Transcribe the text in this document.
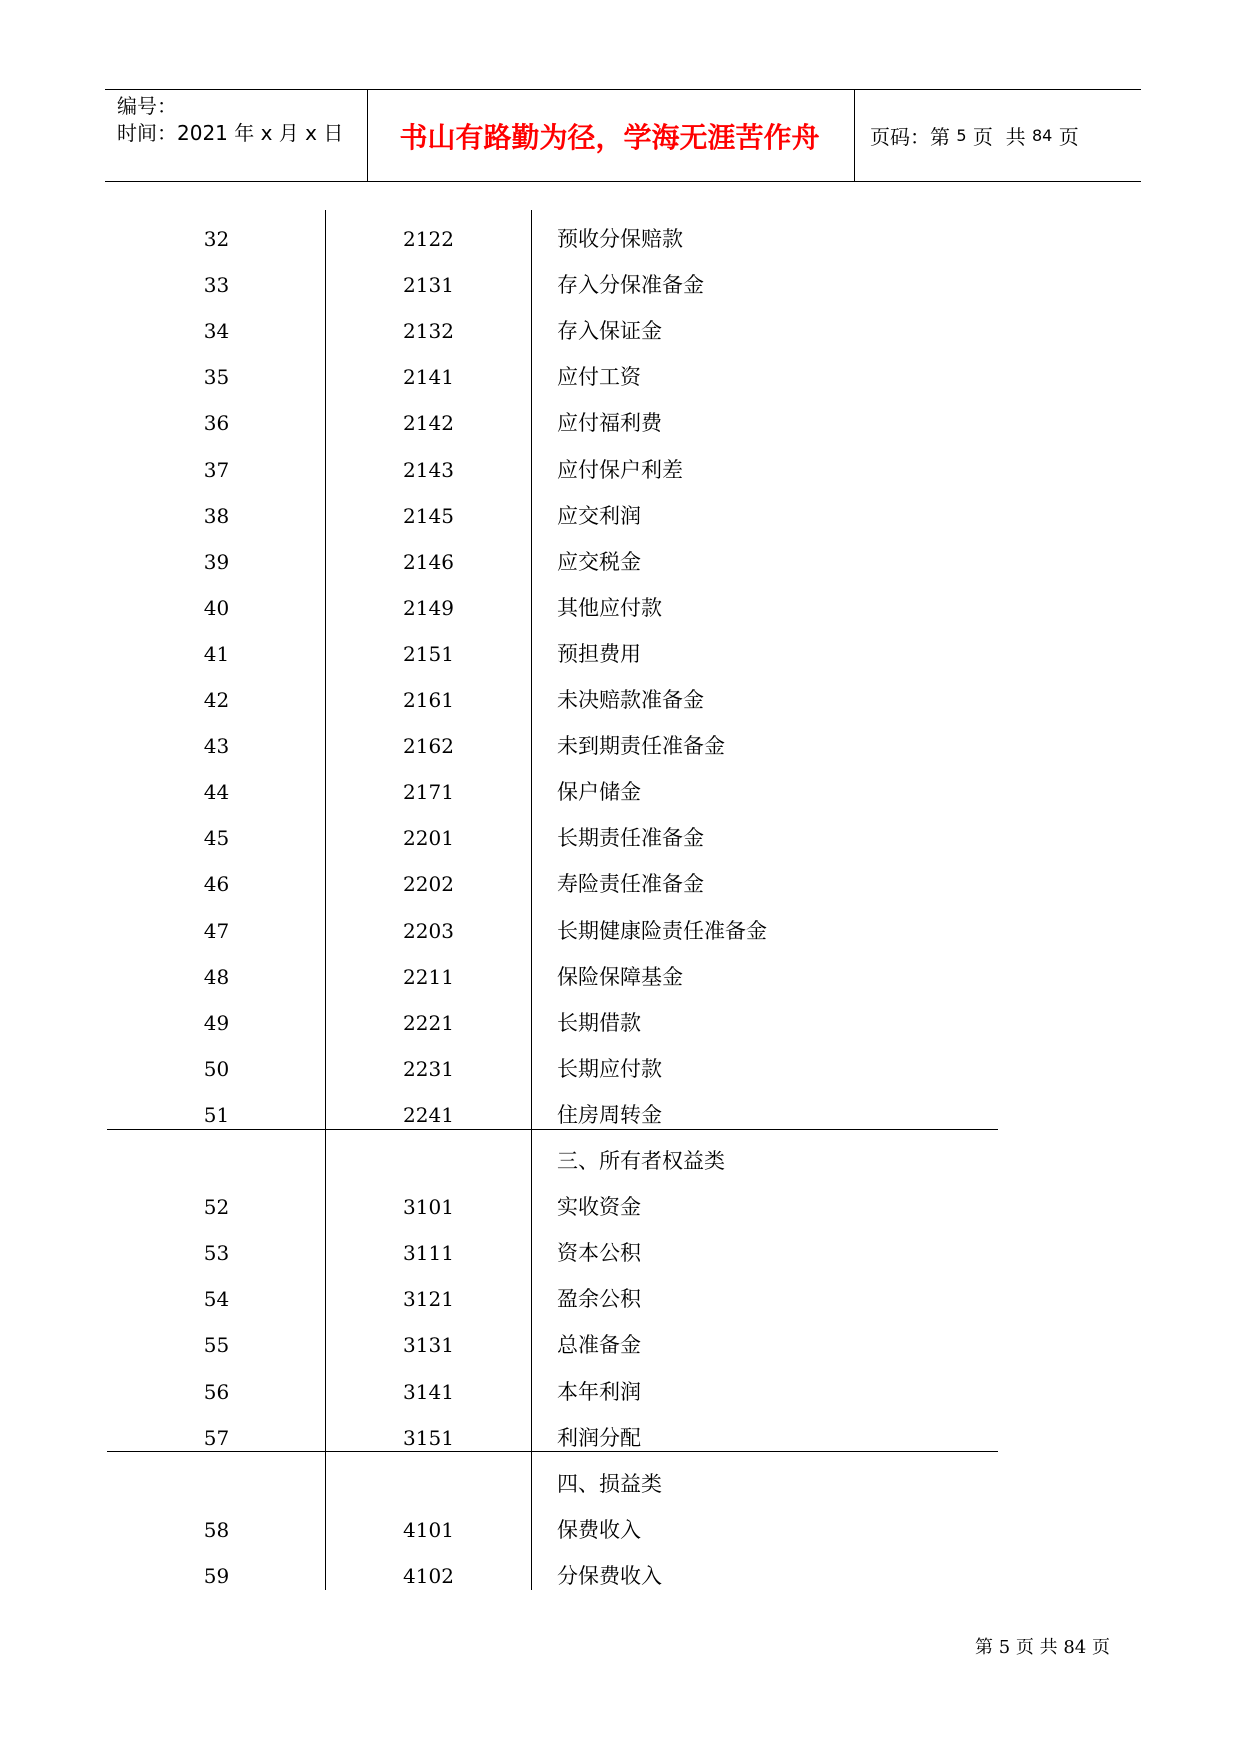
编号：
时间：2021 年 x 月 x 日	书山有路勤为径，学海无涯苦作舟	页码：第 5 页  共 84 页
32	2122	预收分保赔款
33	2131	存入分保准备金
34	2132	存入保证金
35	2141	应付工资
36	2142	应付福利费
37	2143	应付保户利差
38	2145	应交利润
39	2146	应交税金
40	2149	其他应付款
41	2151	预担费用
42	2161	未决赔款准备金
43	2162	未到期责任准备金
44	2171	保户储金
45	2201	长期责任准备金
46	2202	寿险责任准备金
47	2203	长期健康险责任准备金
48	2211	保险保障基金
49	2221	长期借款
50	2231	长期应付款
51	2241	住房周转金
三、所有者权益类
52	3101	实收资金
53	3111	资本公积
54	3121	盈余公积
55	3131	总准备金
56	3141	本年利润
57	3151	利润分配
四、损益类
58	4101	保费收入
59	4102	分保费收入
第 5 页 共 84 页
